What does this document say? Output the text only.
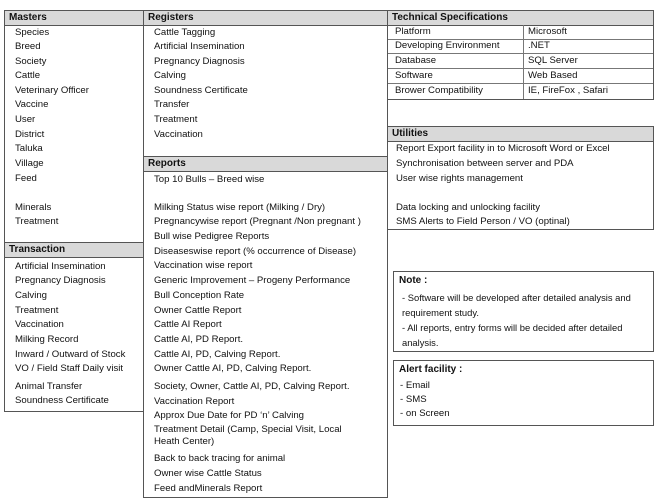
Masters
Species
Breed
Society
Cattle
Veterinary Officer
Vaccine
User
District
Taluka
Village
Feed
Minerals
Treatment
Transaction
Artificial Insemination
Pregnancy Diagnosis
Calving
Treatment
Vaccination
Milking Record
Inward / Outward of Stock
VO / Field Staff Daily visit
Animal Transfer
Soundness Certificate
Registers
Cattle Tagging
Artificial Insemination
Pregnancy Diagnosis
Calving
Soundness Certificate
Transfer
Treatment
Vaccination
Reports
Top 10 Bulls – Breed wise
Milking Status wise report (Milking / Dry)
Pregnancywise report (Pregnant /Non pregnant )
Bull wise Pedigree Reports
Diseaseswise report (% occurrence of Disease)
Vaccination wise report
Generic Improvement – Progeny Performance
Bull Conception Rate
Owner Cattle Report
Cattle AI Report
Cattle AI, PD Report.
Cattle AI, PD, Calving Report.
Owner Cattle AI, PD, Calving Report.
Society, Owner, Cattle AI, PD, Calving Report.
Vaccination Report
Approx Due Date for PD ‘n’ Calving
Treatment Detail (Camp, Special Visit, Local Heath Center)
Back to back tracing for animal
Owner wise Cattle Status
Feed andMinerals Report
Technical Specifications
Platform	Microsoft
Developing Environment	.NET
Database	SQL Server
Software	Web Based
Brower Compatibility	IE, FireFox , Safari
Utilities
Report Export facility in to Microsoft Word or Excel
Synchronisation between server and PDA
User wise rights management
Data locking and unlocking facility
SMS Alerts to Field Person / VO (optinal)
Note :
- Software will be developed after detailed analysis and requirement study.
- All reports, entry forms will be decided after detailed analysis.
Alert facility :
- Email
- SMS
- on Screen
